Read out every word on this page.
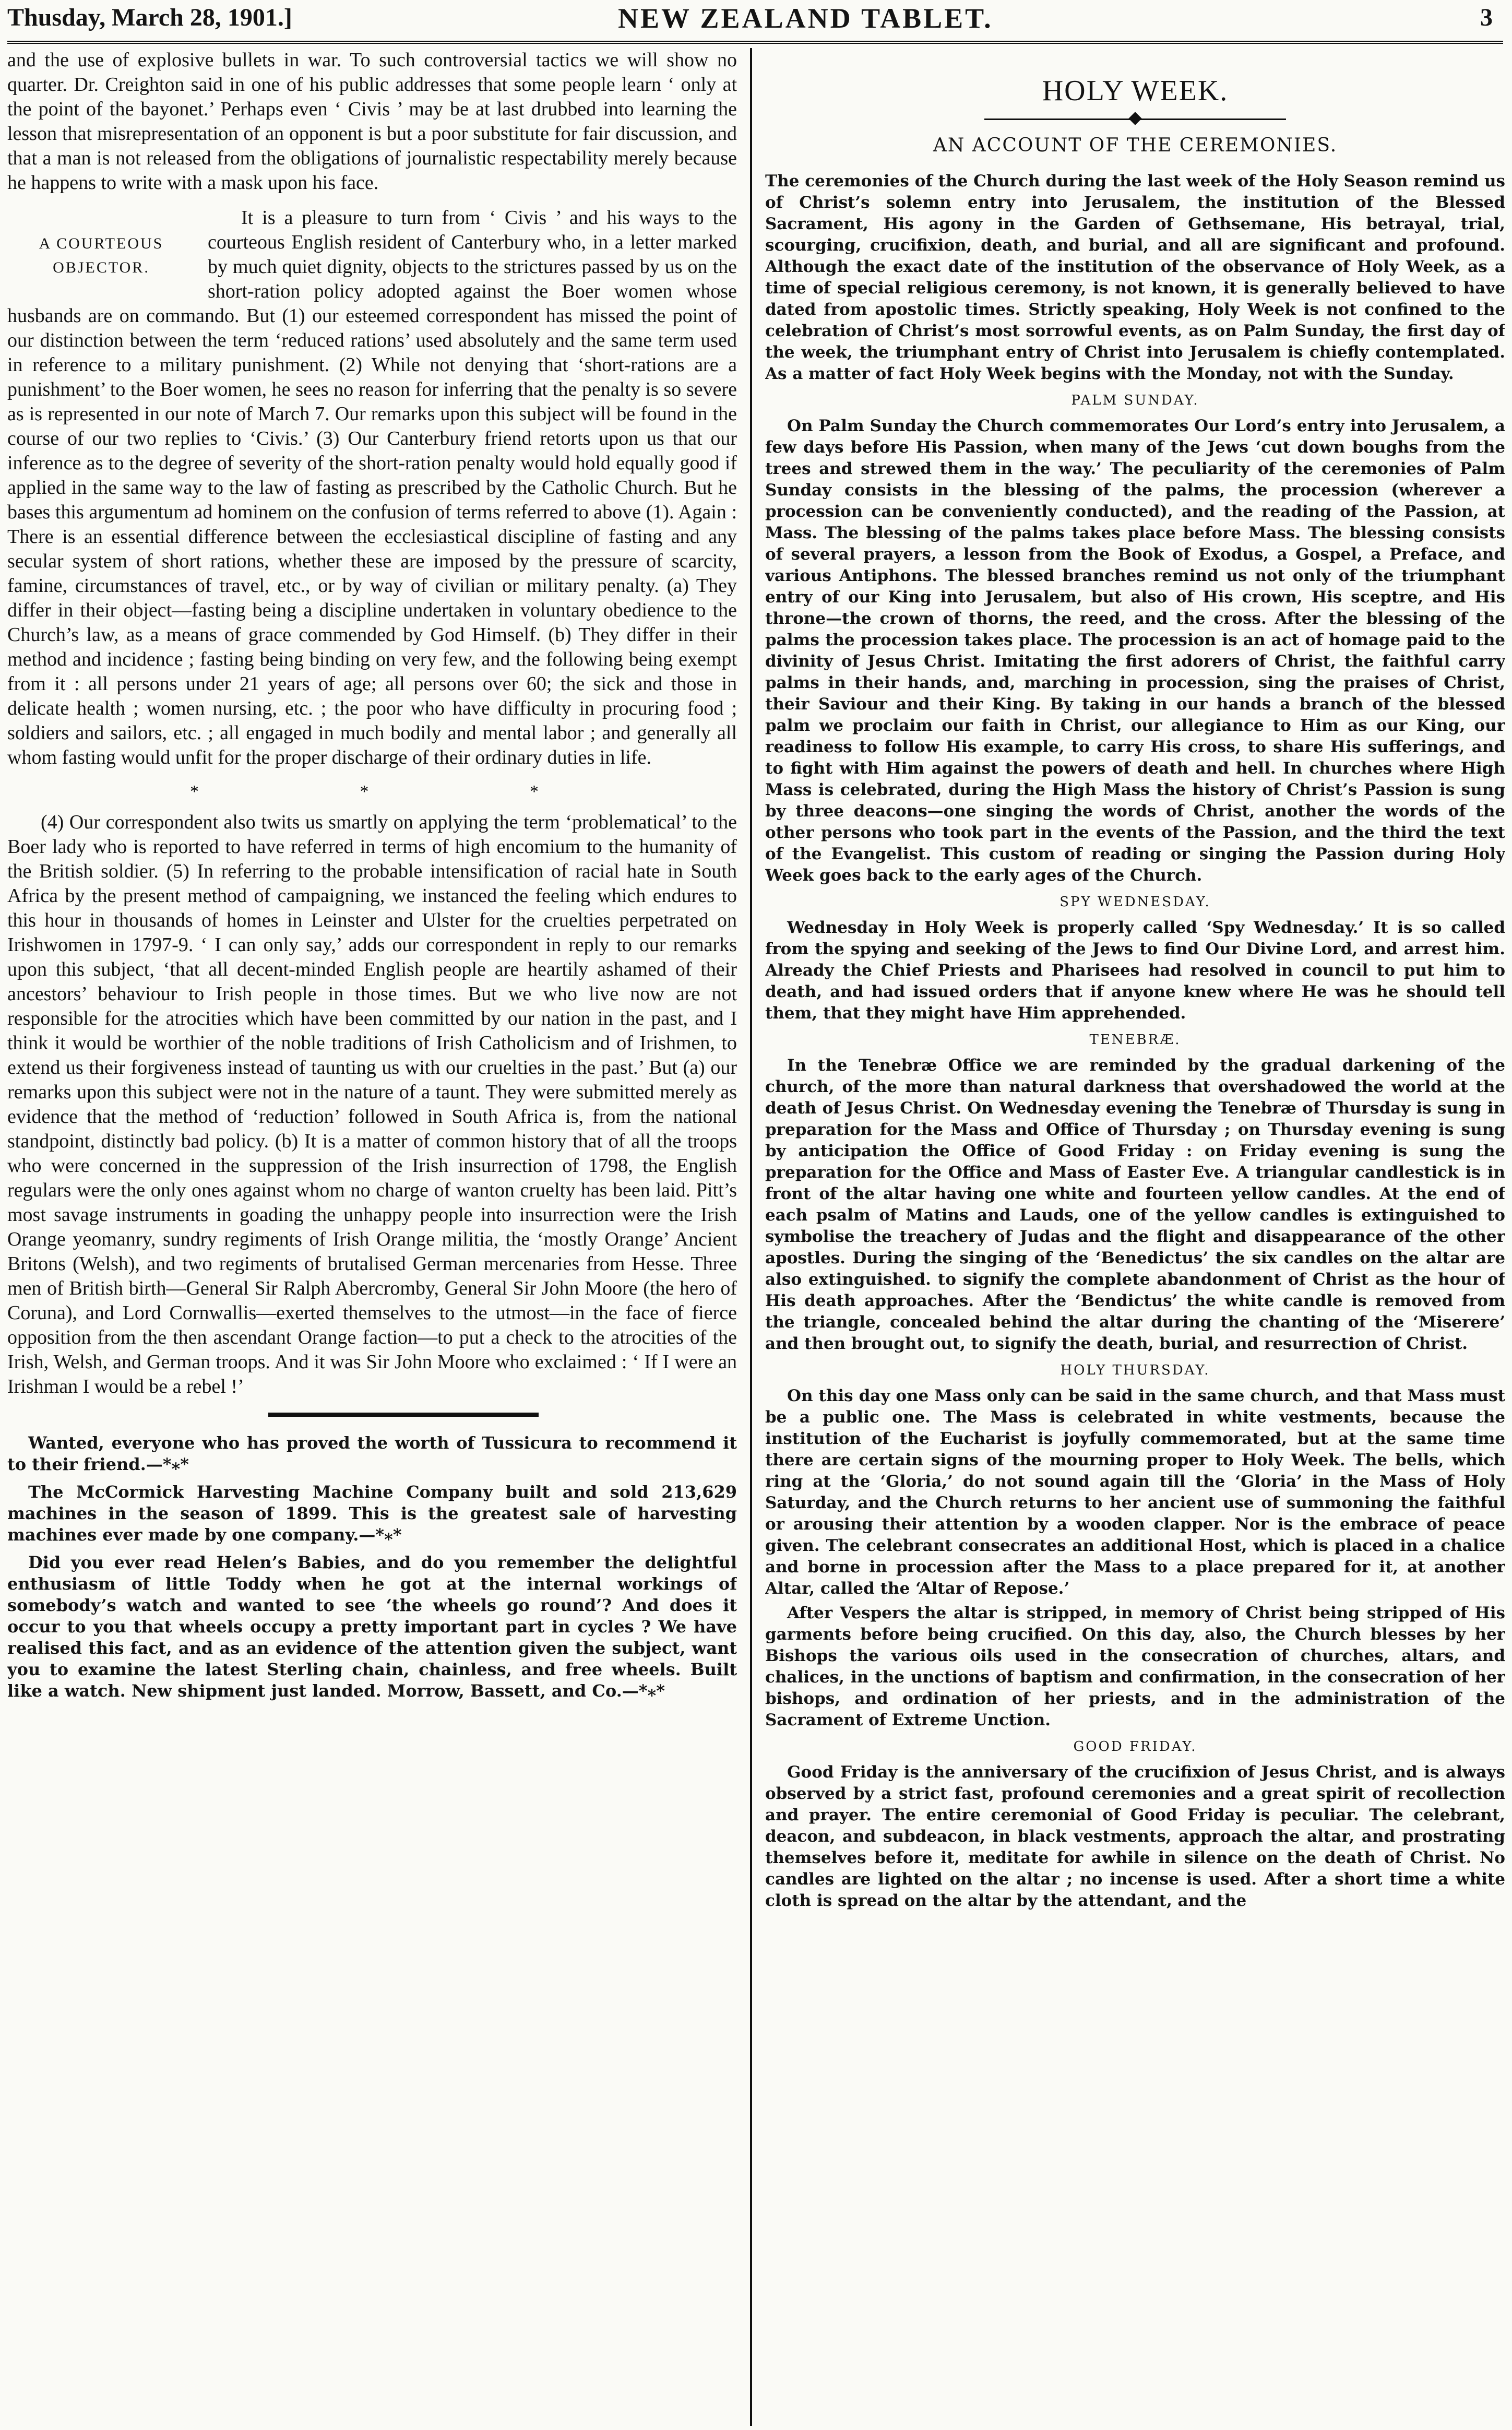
Thusday, March 28, 1901.]	NEW ZEALAND TABLET.	3

and the use of explosive bullets in war. To such controversial tactics we will show no quarter. Dr. Creighton said in one of his public addresses that some people learn ‘ only at the point of the bayonet.’ Perhaps even ‘ Civis ’ may be at last drubbed into learning the lesson that misrepresentation of an opponent is but a poor substitute for fair discussion, and that a man is not released from the obligations of journalistic respectability merely because he happens to write with a mask upon his face.

A COURTEOUS OBJECTOR.

It is a pleasure to turn from ‘ Civis ’ and his ways to the courteous English resident of Canterbury who, in a letter marked by much quiet dignity, objects to the strictures passed by us on the short-ration policy adopted against the Boer women whose husbands are on commando. But (1) our esteemed correspondent has missed the point of our distinction between the term ‘reduced rations’ used absolutely and the same term used in reference to a military punishment. (2) While not denying that ‘short-rations are a punishment’ to the Boer women, he sees no reason for inferring that the penalty is so severe as is represented in our note of March 7. Our remarks upon this subject will be found in the course of our two replies to ‘Civis.’ (3) Our Canterbury friend retorts upon us that our inference as to the degree of severity of the short-ration penalty would hold equally good if applied in the same way to the law of fasting as prescribed by the Catholic Church. But he bases this argumentum ad hominem on the confusion of terms referred to above (1). Again : There is an essential difference between the ecclesiastical discipline of fasting and any secular system of short rations, whether these are imposed by the pressure of scarcity, famine, circumstances of travel, etc., or by way of civilian or military penalty. (a) They differ in their object—fasting being a discipline undertaken in voluntary obedience to the Church’s law, as a means of grace commended by God Himself. (b) They differ in their method and incidence ; fasting being binding on very few, and the following being exempt from it : all persons under 21 years of age; all persons over 60; the sick and those in delicate health ; women nursing, etc. ; the poor who have difficulty in procuring food ; soldiers and sailors, etc. ; all engaged in much bodily and mental labor ; and generally all whom fasting would unfit for the proper discharge of their ordinary duties in life.

* * *

(4) Our correspondent also twits us smartly on applying the term ‘problematical’ to the Boer lady who is reported to have referred in terms of high encomium to the humanity of the British soldier. (5) In referring to the probable intensification of racial hate in South Africa by the present method of campaigning, we instanced the feeling which endures to this hour in thousands of homes in Leinster and Ulster for the cruelties perpetrated on Irishwomen in 1797-9. ‘ I can only say,’ adds our correspondent in reply to our remarks upon this subject, ‘that all decent-minded English people are heartily ashamed of their ancestors’ behaviour to Irish people in those times. But we who live now are not responsible for the atrocities which have been committed by our nation in the past, and I think it would be worthier of the noble traditions of Irish Catholicism and of Irishmen, to extend us their forgiveness instead of taunting us with our cruelties in the past.’ But (a) our remarks upon this subject were not in the nature of a taunt. They were submitted merely as evidence that the method of ‘reduction’ followed in South Africa is, from the national standpoint, distinctly bad policy. (b) It is a matter of common history that of all the troops who were concerned in the suppression of the Irish insurrection of 1798, the English regulars were the only ones against whom no charge of wanton cruelty has been laid. Pitt’s most savage instruments in goading the unhappy people into insurrection were the Irish Orange yeomanry, sundry regiments of Irish Orange militia, the ‘mostly Orange’ Ancient Britons (Welsh), and two regiments of brutalised German mercenaries from Hesse. Three men of British birth—General Sir Ralph Abercromby, General Sir John Moore (the hero of Coruna), and Lord Cornwallis—exerted themselves to the utmost—in the face of fierce opposition from the then ascendant Orange faction—to put a check to the atrocities of the Irish, Welsh, and German troops. And it was Sir John Moore who exclaimed : ‘ If I were an Irishman I would be a rebel !’

Wanted, everyone who has proved the worth of Tussicura to recommend it to their friend.—*⁎*

The McCormick Harvesting Machine Company built and sold 213,629 machines in the season of 1899. This is the greatest sale of harvesting machines ever made by one company.—*⁎*

Did you ever read Helen’s Babies, and do you remember the delightful enthusiasm of little Toddy when he got at the internal workings of somebody’s watch and wanted to see ‘the wheels go round’? And does it occur to you that wheels occupy a pretty important part in cycles ? We have realised this fact, and as an evidence of the attention given the subject, want you to examine the latest Sterling chain, chainless, and free wheels. Built like a watch. New shipment just landed. Morrow, Bassett, and Co.—*⁎*

HOLY WEEK.
AN ACCOUNT OF THE CEREMONIES.

The ceremonies of the Church during the last week of the Holy Season remind us of Christ’s solemn entry into Jerusalem, the institution of the Blessed Sacrament, His agony in the Garden of Gethsemane, His betrayal, trial, scourging, crucifixion, death, and burial, and all are significant and profound. Although the exact date of the institution of the observance of Holy Week, as a time of special religious ceremony, is not known, it is generally believed to have dated from apostolic times. Strictly speaking, Holy Week is not confined to the celebration of Christ’s most sorrowful events, as on Palm Sunday, the first day of the week, the triumphant entry of Christ into Jerusalem is chiefly contemplated. As a matter of fact Holy Week begins with the Monday, not with the Sunday.

PALM SUNDAY.

On Palm Sunday the Church commemorates Our Lord’s entry into Jerusalem, a few days before His Passion, when many of the Jews ‘cut down boughs from the trees and strewed them in the way.’ The peculiarity of the ceremonies of Palm Sunday consists in the blessing of the palms, the procession (wherever a procession can be conveniently conducted), and the reading of the Passion, at Mass. The blessing of the palms takes place before Mass. The blessing consists of several prayers, a lesson from the Book of Exodus, a Gospel, a Preface, and various Antiphons. The blessed branches remind us not only of the triumphant entry of our King into Jerusalem, but also of His crown, His sceptre, and His throne—the crown of thorns, the reed, and the cross. After the blessing of the palms the procession takes place. The procession is an act of homage paid to the divinity of Jesus Christ. Imitating the first adorers of Christ, the faithful carry palms in their hands, and, marching in procession, sing the praises of Christ, their Saviour and their King. By taking in our hands a branch of the blessed palm we proclaim our faith in Christ, our allegiance to Him as our King, our readiness to follow His example, to carry His cross, to share His sufferings, and to fight with Him against the powers of death and hell. In churches where High Mass is celebrated, during the High Mass the history of Christ’s Passion is sung by three deacons—one singing the words of Christ, another the words of the other persons who took part in the events of the Passion, and the third the text of the Evangelist. This custom of reading or singing the Passion during Holy Week goes back to the early ages of the Church.

SPY WEDNESDAY.

Wednesday in Holy Week is properly called ‘Spy Wednesday.’ It is so called from the spying and seeking of the Jews to find Our Divine Lord, and arrest him. Already the Chief Priests and Pharisees had resolved in council to put him to death, and had issued orders that if anyone knew where He was he should tell them, that they might have Him apprehended.

TENEBRÆ.

In the Tenebræ Office we are reminded by the gradual darkening of the church, of the more than natural darkness that overshadowed the world at the death of Jesus Christ. On Wednesday evening the Tenebræ of Thursday is sung in preparation for the Mass and Office of Thursday ; on Thursday evening is sung by anticipation the Office of Good Friday : on Friday evening is sung the preparation for the Office and Mass of Easter Eve. A triangular candlestick is in front of the altar having one white and fourteen yellow candles. At the end of each psalm of Matins and Lauds, one of the yellow candles is extinguished to symbolise the treachery of Judas and the flight and disappearance of the other apostles. During the singing of the ‘Benedictus’ the six candles on the altar are also extinguished. to signify the complete abandonment of Christ as the hour of His death approaches. After the ‘Bendictus’ the white candle is removed from the triangle, concealed behind the altar during the chanting of the ‘Miserere’ and then brought out, to signify the death, burial, and resurrection of Christ.

HOLY THURSDAY.

On this day one Mass only can be said in the same church, and that Mass must be a public one. The Mass is celebrated in white vestments, because the institution of the Eucharist is joyfully commemorated, but at the same time there are certain signs of the mourning proper to Holy Week. The bells, which ring at the ‘Gloria,’ do not sound again till the ‘Gloria’ in the Mass of Holy Saturday, and the Church returns to her ancient use of summoning the faithful or arousing their attention by a wooden clapper. Nor is the embrace of peace given. The celebrant consecrates an additional Host, which is placed in a chalice and borne in procession after the Mass to a place prepared for it, at another Altar, called the ‘Altar of Repose.’

After Vespers the altar is stripped, in memory of Christ being stripped of His garments before being crucified. On this day, also, the Church blesses by her Bishops the various oils used in the consecration of churches, altars, and chalices, in the unctions of baptism and confirmation, in the consecration of her bishops, and ordination of her priests, and in the administration of the Sacrament of Extreme Unction.

GOOD FRIDAY.

Good Friday is the anniversary of the crucifixion of Jesus Christ, and is always observed by a strict fast, profound ceremonies and a great spirit of recollection and prayer. The entire ceremonial of Good Friday is peculiar. The celebrant, deacon, and subdeacon, in black vestments, approach the altar, and prostrating themselves before it, meditate for awhile in silence on the death of Christ. No candles are lighted on the altar ; no incense is used. After a short time a white cloth is spread on the altar by the attendant, and the
